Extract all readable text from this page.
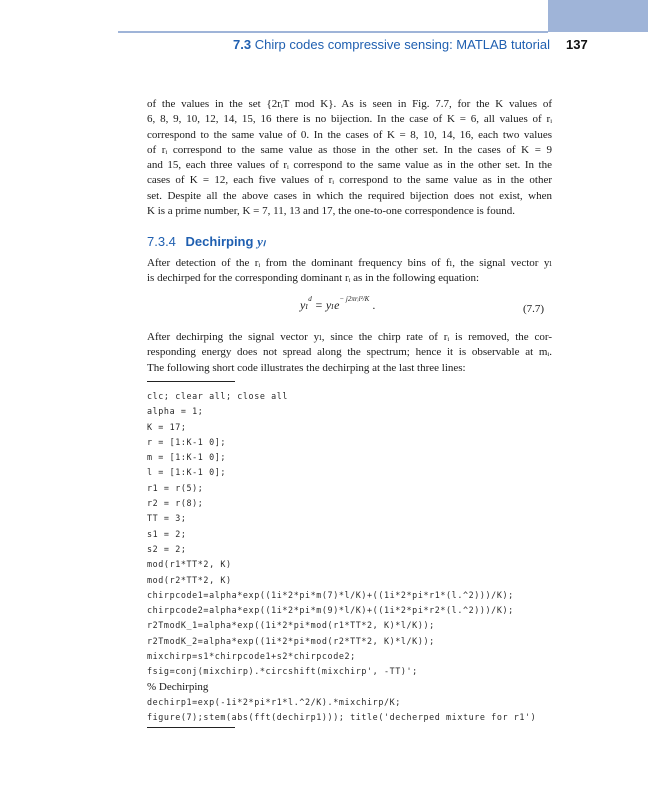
7.3 Chirp codes compressive sensing: MATLAB tutorial 137
of the values in the set {2rᵢT mod K}. As is seen in Fig. 7.7, for the K values of
6, 8, 9, 10, 12, 14, 15, 16 there is no bijection. In the case of K = 6, all values of rᵢ
correspond to the same value of 0. In the cases of K = 8, 10, 14, 16, each two values
of rᵢ correspond to the same value as those in the other set. In the cases of K = 9
and 15, each three values of rᵢ correspond to the same value as in the other set. In the
cases of K = 12, each five values of rᵢ correspond to the same value as in the other
set. Despite all the above cases in which the required bijection does not exist, when
K is a prime number, K = 7, 11, 13 and 17, the one-to-one correspondence is found.
7.3.4 Dechirping yₗ
After detection of the rᵢ from the dominant frequency bins of fₗ, the signal vector yₗ
is dechirped for the corresponding dominant rᵢ as in the following equation:
yₗ$^d$ = yₗe$^{- j2\pi rᵢl^2/K}$ .	(7.7)
After dechirping the signal vector yₗ, since the chirp rate of rᵢ is removed, the cor-
responding energy does not spread along the spectrum; hence it is observable at mᵢ.
The following short code illustrates the dechirping at the last three lines:
clc; clear all; close all
alpha = 1;
K = 17;
r = [1:K-1 0];
m = [1:K-1 0];
l = [1:K-1 0];
r1 = r(5);
r2 = r(8);
TT = 3;
s1 = 2;
s2 = 2;
mod(r1*TT*2, K)
mod(r2*TT*2, K)
chirpcode1=alpha*exp((1i*2*pi*m(7)*l/K)+((1i*2*pi*r1*(l.^2)))/K);
chirpcode2=alpha*exp((1i*2*pi*m(9)*l/K)+((1i*2*pi*r2*(l.^2)))/K);
r2TmodK_1=alpha*exp((1i*2*pi*mod(r1*TT*2, K)*l/K));
r2TmodK_2=alpha*exp((1i*2*pi*mod(r2*TT*2, K)*l/K));
mixchirp=s1*chirpcode1+s2*chirpcode2;
fsig=conj(mixchirp).*circshift(mixchirp', -TT)';
% Dechirping
dechirp1=exp(-1i*2*pi*r1*l.^2/K).*mixchirp/K;
figure(7);stem(abs(fft(dechirp1))); title('decherped mixture for r1')
